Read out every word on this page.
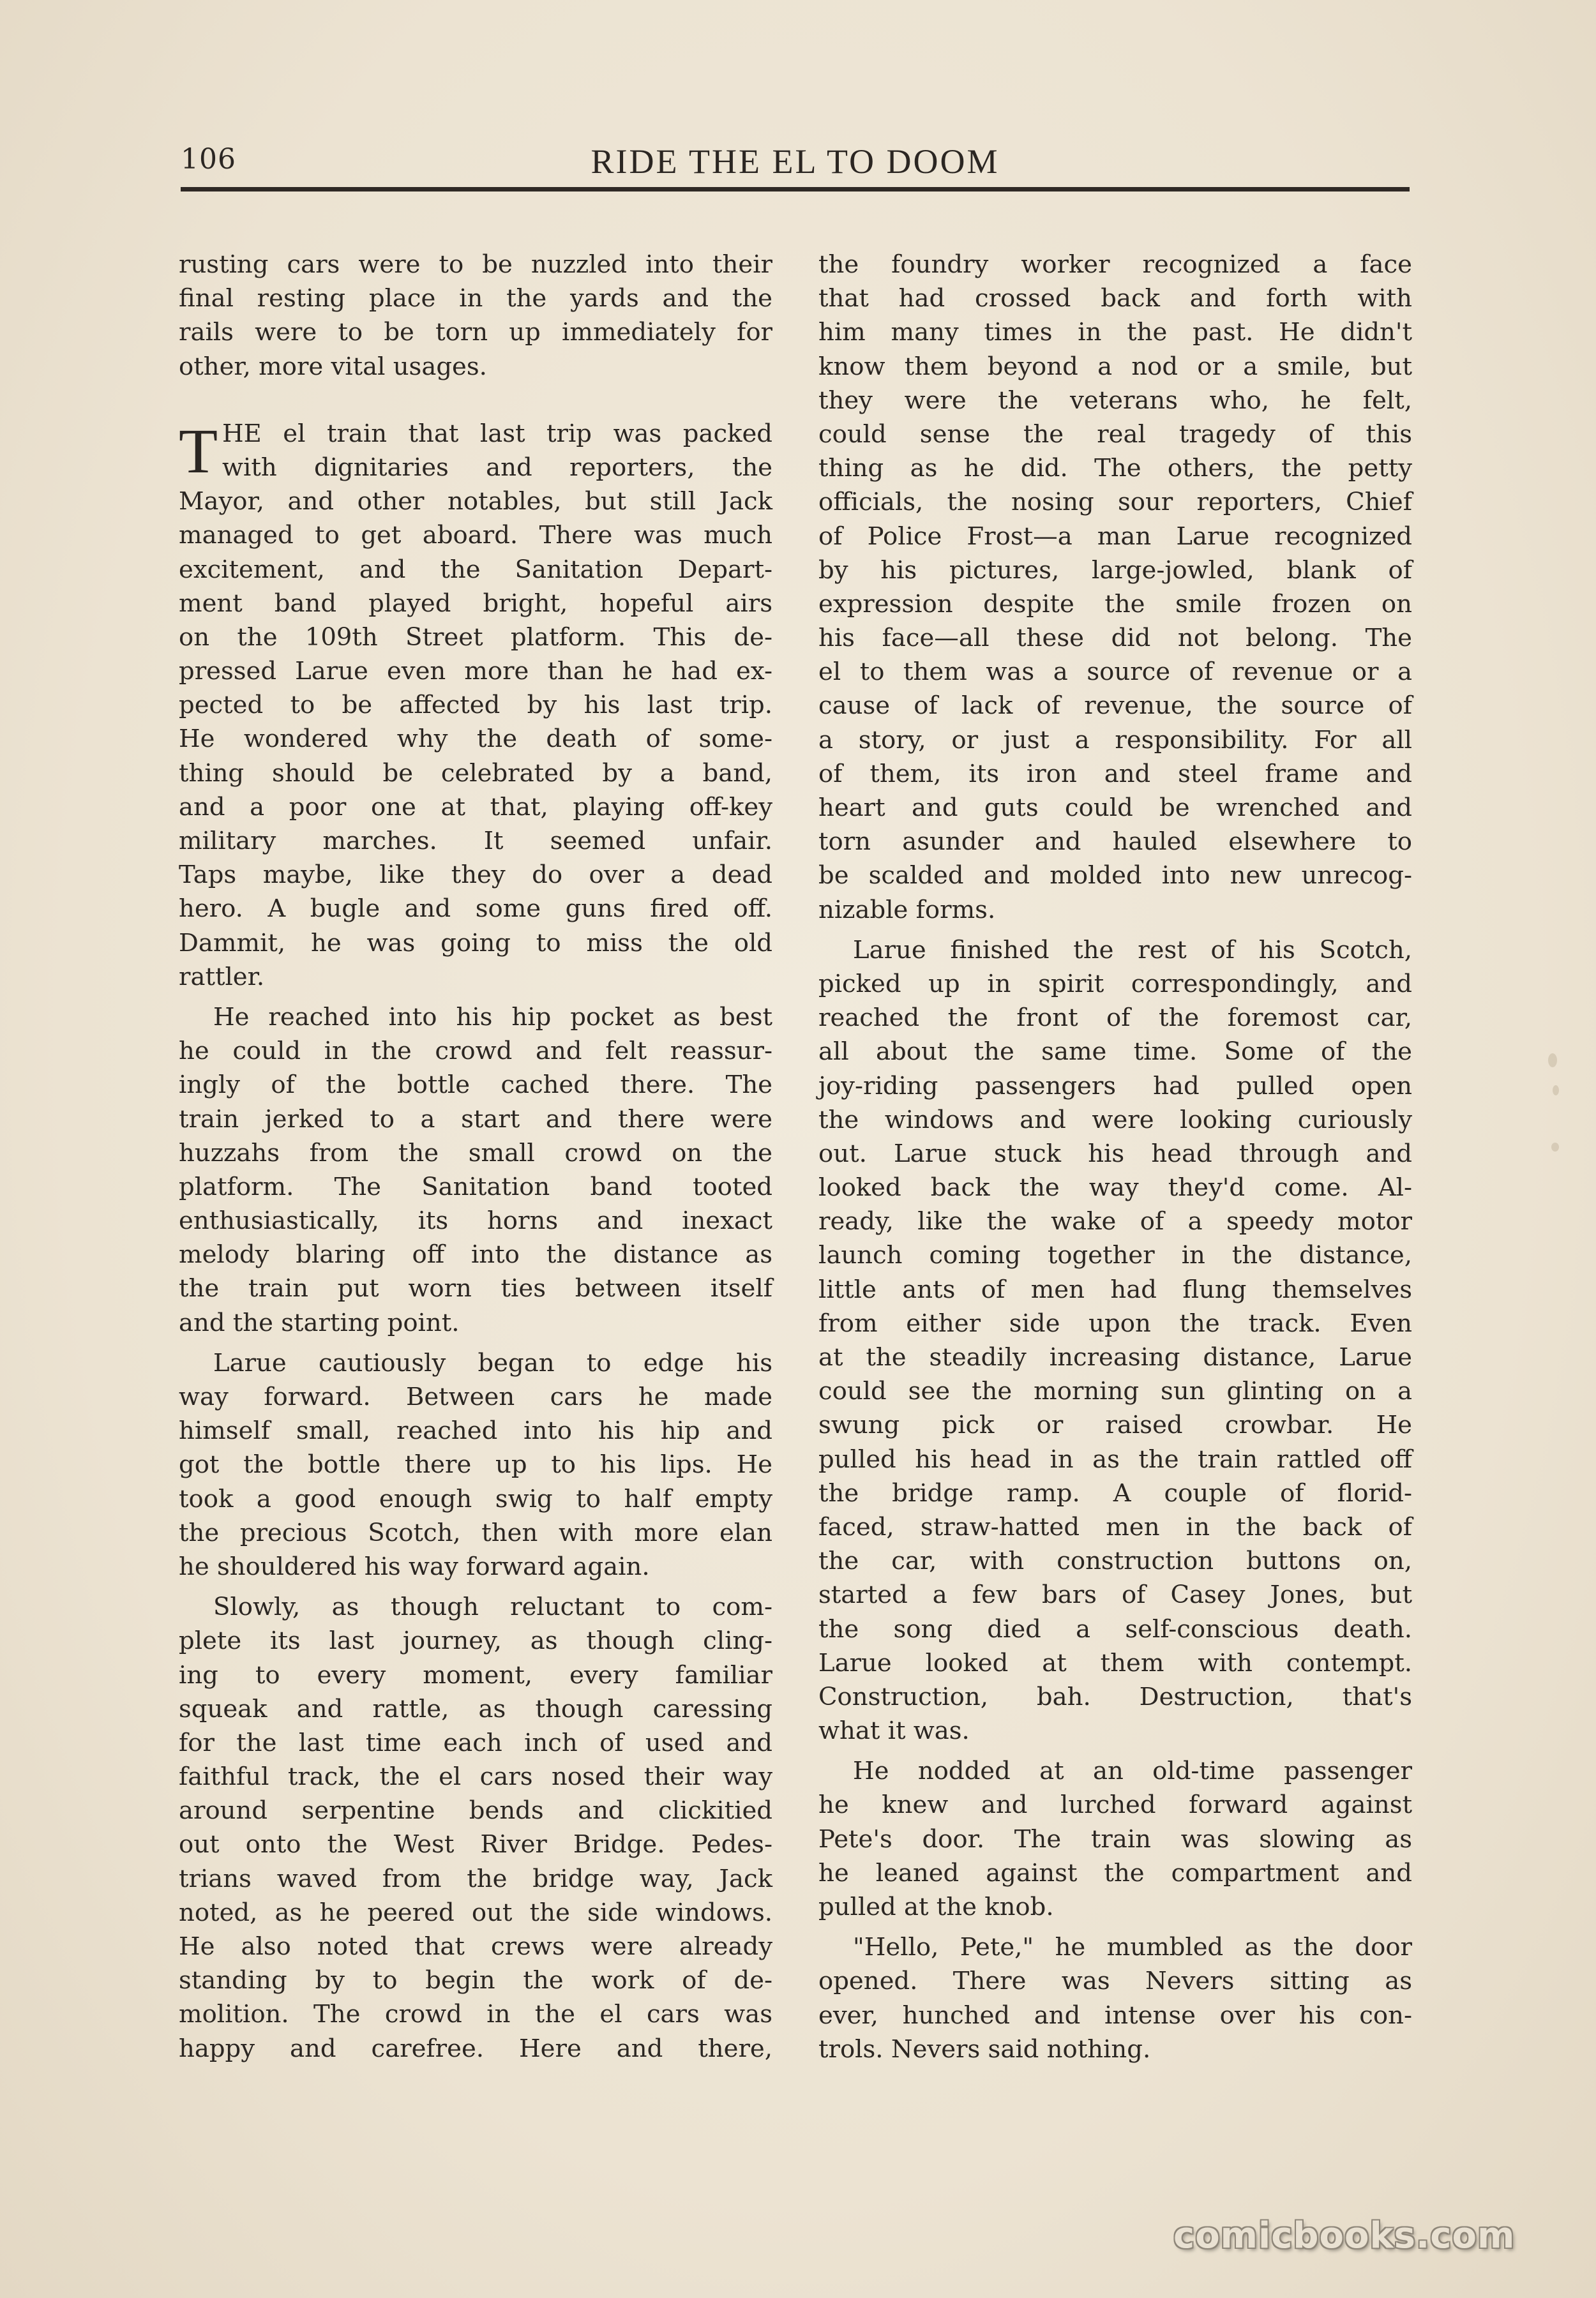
106	RIDE THE EL TO DOOM
rusting cars were to be nuzzled into their
final resting place in the yards and the
rails were to be torn up immediately for
other, more vital usages.
T HE el train that last trip was packed
with dignitaries and reporters, the
Mayor, and other notables, but still Jack
managed to get aboard. There was much
excitement, and the Sanitation Depart-
ment band played bright, hopeful airs
on the 109th Street platform. This de-
pressed Larue even more than he had ex-
pected to be affected by his last trip.
He wondered why the death of some-
thing should be celebrated by a band,
and a poor one at that, playing off-key
military marches. It seemed unfair.
Taps maybe, like they do over a dead
hero. A bugle and some guns fired off.
Dammit, he was going to miss the old
rattler.
He reached into his hip pocket as best
he could in the crowd and felt reassur-
ingly of the bottle cached there. The
train jerked to a start and there were
huzzahs from the small crowd on the
platform. The Sanitation band tooted
enthusiastically, its horns and inexact
melody blaring off into the distance as
the train put worn ties between itself
and the starting point.
Larue cautiously began to edge his
way forward. Between cars he made
himself small, reached into his hip and
got the bottle there up to his lips. He
took a good enough swig to half empty
the precious Scotch, then with more elan
he shouldered his way forward again.
Slowly, as though reluctant to com-
plete its last journey, as though cling-
ing to every moment, every familiar
squeak and rattle, as though caressing
for the last time each inch of used and
faithful track, the el cars nosed their way
around serpentine bends and clickitied
out onto the West River Bridge. Pedes-
trians waved from the bridge way, Jack
noted, as he peered out the side windows.
He also noted that crews were already
standing by to begin the work of de-
molition. The crowd in the el cars was
happy and carefree. Here and there,
the foundry worker recognized a face
that had crossed back and forth with
him many times in the past. He didn't
know them beyond a nod or a smile, but
they were the veterans who, he felt,
could sense the real tragedy of this
thing as he did. The others, the petty
officials, the nosing sour reporters, Chief
of Police Frost—a man Larue recognized
by his pictures, large-jowled, blank of
expression despite the smile frozen on
his face—all these did not belong. The
el to them was a source of revenue or a
cause of lack of revenue, the source of
a story, or just a responsibility. For all
of them, its iron and steel frame and
heart and guts could be wrenched and
torn asunder and hauled elsewhere to
be scalded and molded into new unrecog-
nizable forms.
Larue finished the rest of his Scotch,
picked up in spirit correspondingly, and
reached the front of the foremost car,
all about the same time. Some of the
joy-riding passengers had pulled open
the windows and were looking curiously
out. Larue stuck his head through and
looked back the way they'd come. Al-
ready, like the wake of a speedy motor
launch coming together in the distance,
little ants of men had flung themselves
from either side upon the track. Even
at the steadily increasing distance, Larue
could see the morning sun glinting on a
swung pick or raised crowbar. He
pulled his head in as the train rattled off
the bridge ramp. A couple of florid-
faced, straw-hatted men in the back of
the car, with construction buttons on,
started a few bars of Casey Jones, but
the song died a self-conscious death.
Larue looked at them with contempt.
Construction, bah. Destruction, that's
what it was.
He nodded at an old-time passenger
he knew and lurched forward against
Pete's door. The train was slowing as
he leaned against the compartment and
pulled at the knob.
"Hello, Pete," he mumbled as the door
opened. There was Nevers sitting as
ever, hunched and intense over his con-
trols. Nevers said nothing.
comicbooks.com
